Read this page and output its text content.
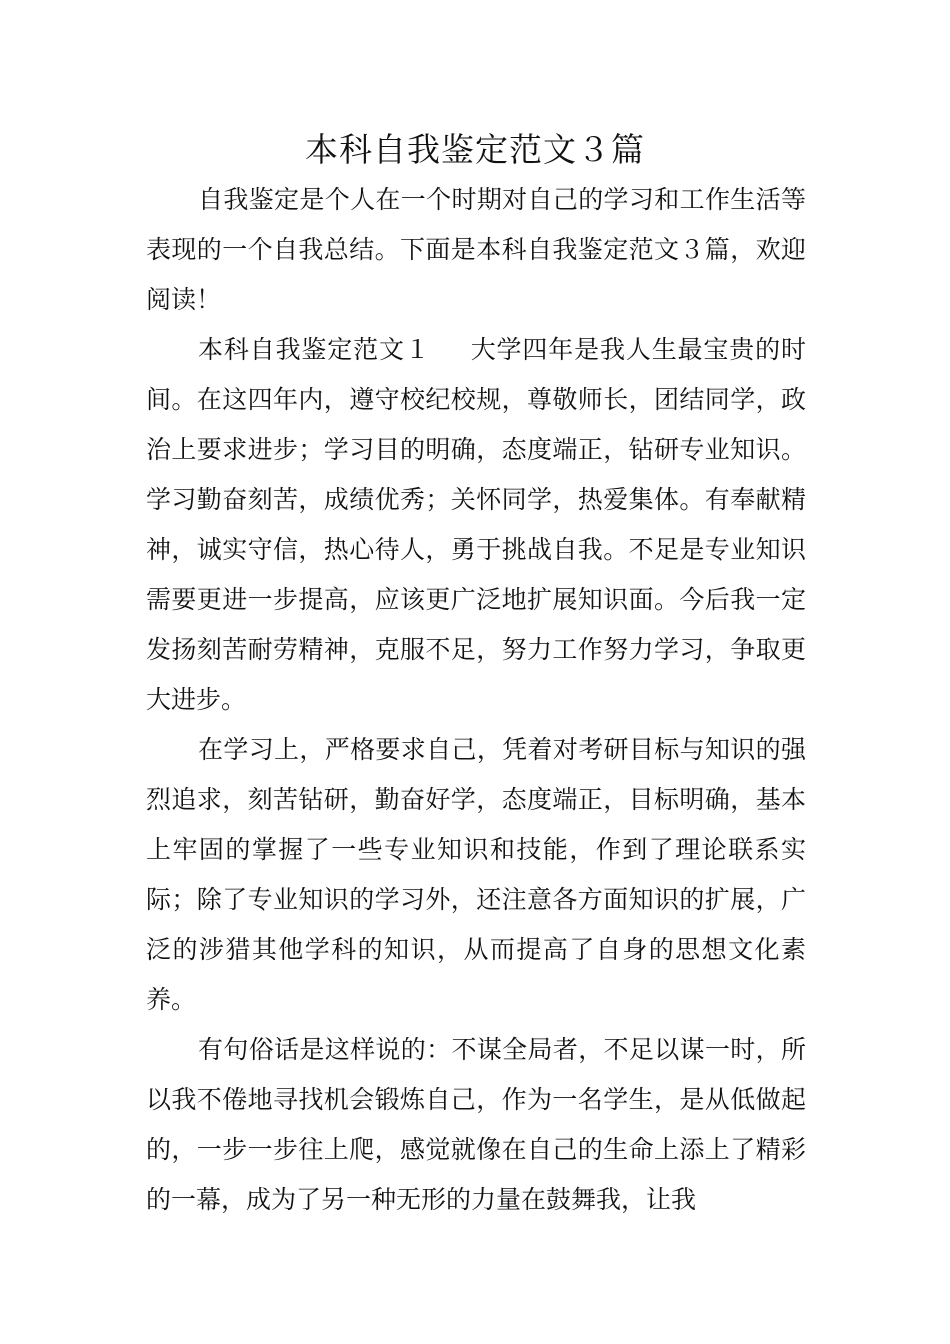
本科自我鉴定范文３篇

自我鉴定是个人在一个时期对自己的学习和工作生活等表现的一个自我总结。下面是本科自我鉴定范文３篇，欢迎阅读！

本科自我鉴定范文１ 大学四年是我人生最宝贵的时间。在这四年内，遵守校纪校规，尊敬师长，团结同学，政治上要求进步；学习目的明确，态度端正，钻研专业知识。学习勤奋刻苦，成绩优秀；关怀同学，热爱集体。有奉献精神，诚实守信，热心待人，勇于挑战自我。不足是专业知识需要更进一步提高，应该更广泛地扩展知识面。今后我一定发扬刻苦耐劳精神，克服不足，努力工作努力学习，争取更大进步。

在学习上，严格要求自己，凭着对考研目标与知识的强烈追求，刻苦钻研，勤奋好学，态度端正，目标明确，基本上牢固的掌握了一些专业知识和技能，作到了理论联系实际；除了专业知识的学习外，还注意各方面知识的扩展，广泛的涉猎其他学科的知识，从而提高了自身的思想文化素养。

有句俗话是这样说的：不谋全局者，不足以谋一时，所以我不倦地寻找机会锻炼自己，作为一名学生，是从低做起的，一步一步往上爬，感觉就像在自己的生命上添上了精彩的一幕，成为了另一种无形的力量在鼓舞我，让我
